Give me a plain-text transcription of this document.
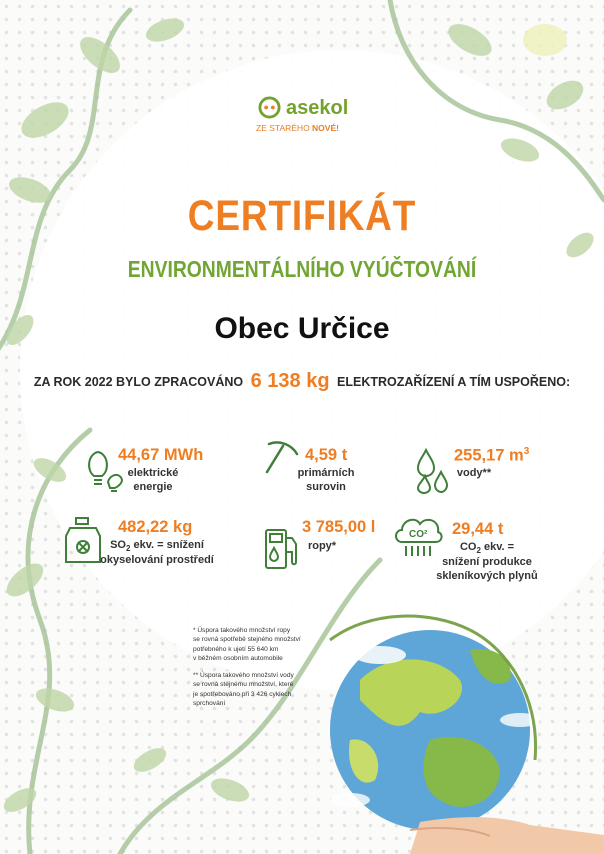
asekol
ZE STARÉHO NOVÉ!
CERTIFIKÁT
ENVIRONMENTÁLNÍHO VYÚČTOVÁNÍ
Obec Určice
ZA ROK 2022 BYLO ZPRACOVÁNO 6 138 kg ELEKTROZAŘÍZENÍ A TÍM USPOŘENO:
44,67 MWh
elektrické
energie
4,59 t
primárních
surovin
255,17 $m^3$
vody**
482,22 kg
$SO_2$ ekv. = snížení
okyselování prostředí
3 785,00 l
ropy*
CO² 29,44 t
$CO_2$ ekv. =
snížení produkce
skleníkových plynů
* Úspora takového množství ropy
se rovná spotřebě stejného množství
potřebného k ujetí 55 640 km
v běžném osobním automobile
** Úspora takového množství vody
se rovná stejnému množství, které
je spotřebováno při 3 426 cyklech
sprchování
